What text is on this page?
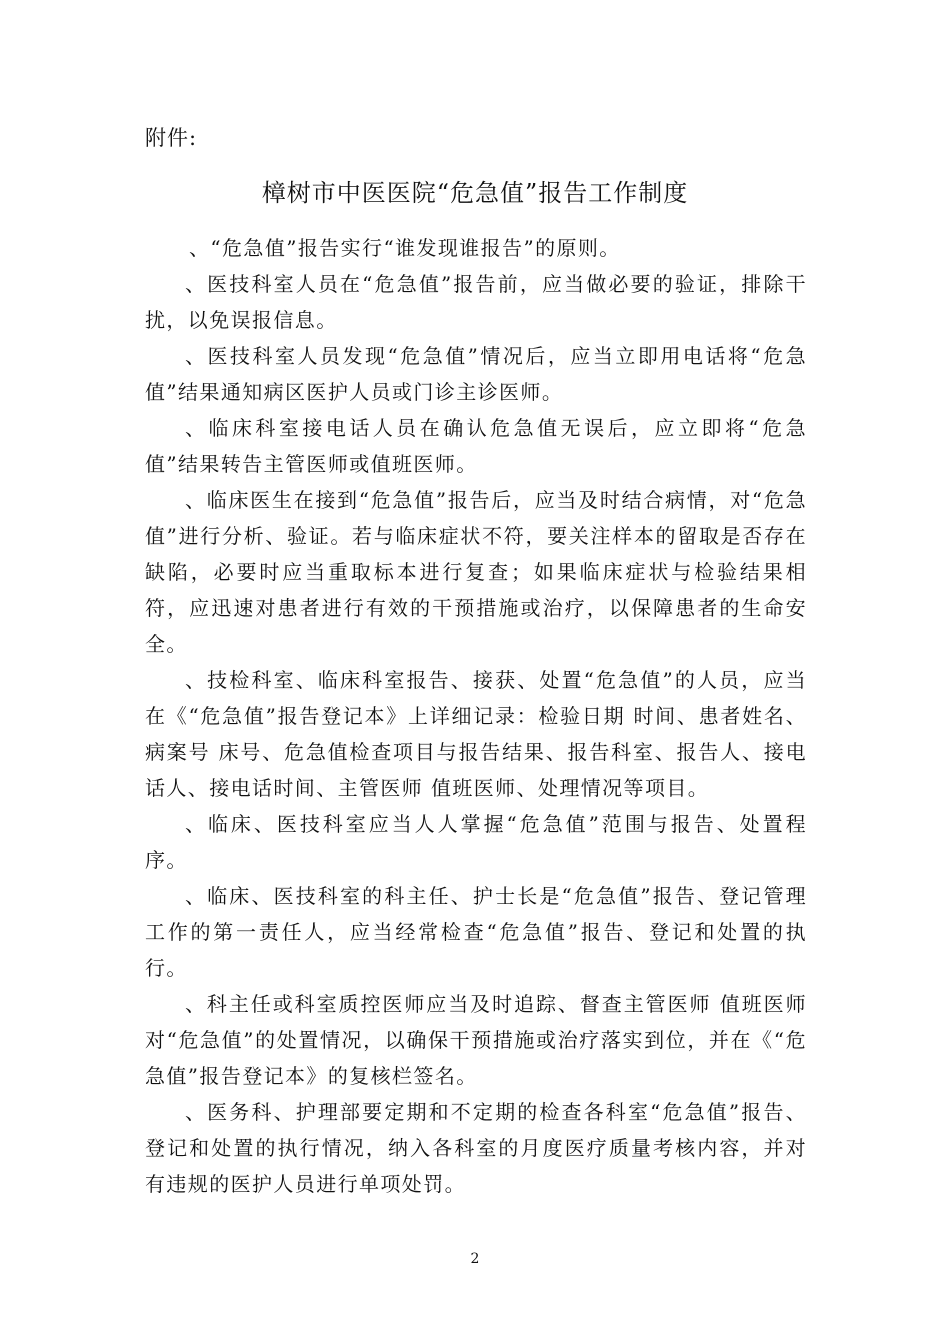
附件:
樟树市中医医院“危急值”报告工作制度

、“危急值”报告实行“谁发现谁报告”的原则。

、医技科室人员在“危急值”报告前，应当做必要的验证，排除干扰，以免误报信息。

、医技科室人员发现“危急值”情况后，应当立即用电话将“危急值”结果通知病区医护人员或门诊主诊医师。

、临床科室接电话人员在确认危急值无误后，应立即将“危急值”结果转告主管医师或值班医师。

、临床医生在接到“危急值”报告后，应当及时结合病情，对“危急值”进行分析、验证。若与临床症状不符，要关注样本的留取是否存在缺陷，必要时应当重取标本进行复查；如果临床症状与检验结果相符，应迅速对患者进行有效的干预措施或治疗，以保障患者的生命安全。

、技检科室、临床科室报告、接获、处置“危急值”的人员，应当在《“危急值”报告登记本》上详细记录：检验日期 时间、患者姓名、病案号 床号、危急值检查项目与报告结果、报告科室、报告人、接电话人、接电话时间、主管医师 值班医师、处理情况等项目。

、临床、医技科室应当人人掌握“危急值”范围与报告、处置程序。

、临床、医技科室的科主任、护士长是“危急值”报告、登记管理工作的第一责任人，应当经常检查“危急值”报告、登记和处置的执行。

、科主任或科室质控医师应当及时追踪、督查主管医师 值班医师对“危急值”的处置情况，以确保干预措施或治疗落实到位，并在《“危急值”报告登记本》的复核栏签名。

、医务科、护理部要定期和不定期的检查各科室“危急值”报告、登记和处置的执行情况，纳入各科室的月度医疗质量考核内容，并对有违规的医护人员进行单项处罚。

2
